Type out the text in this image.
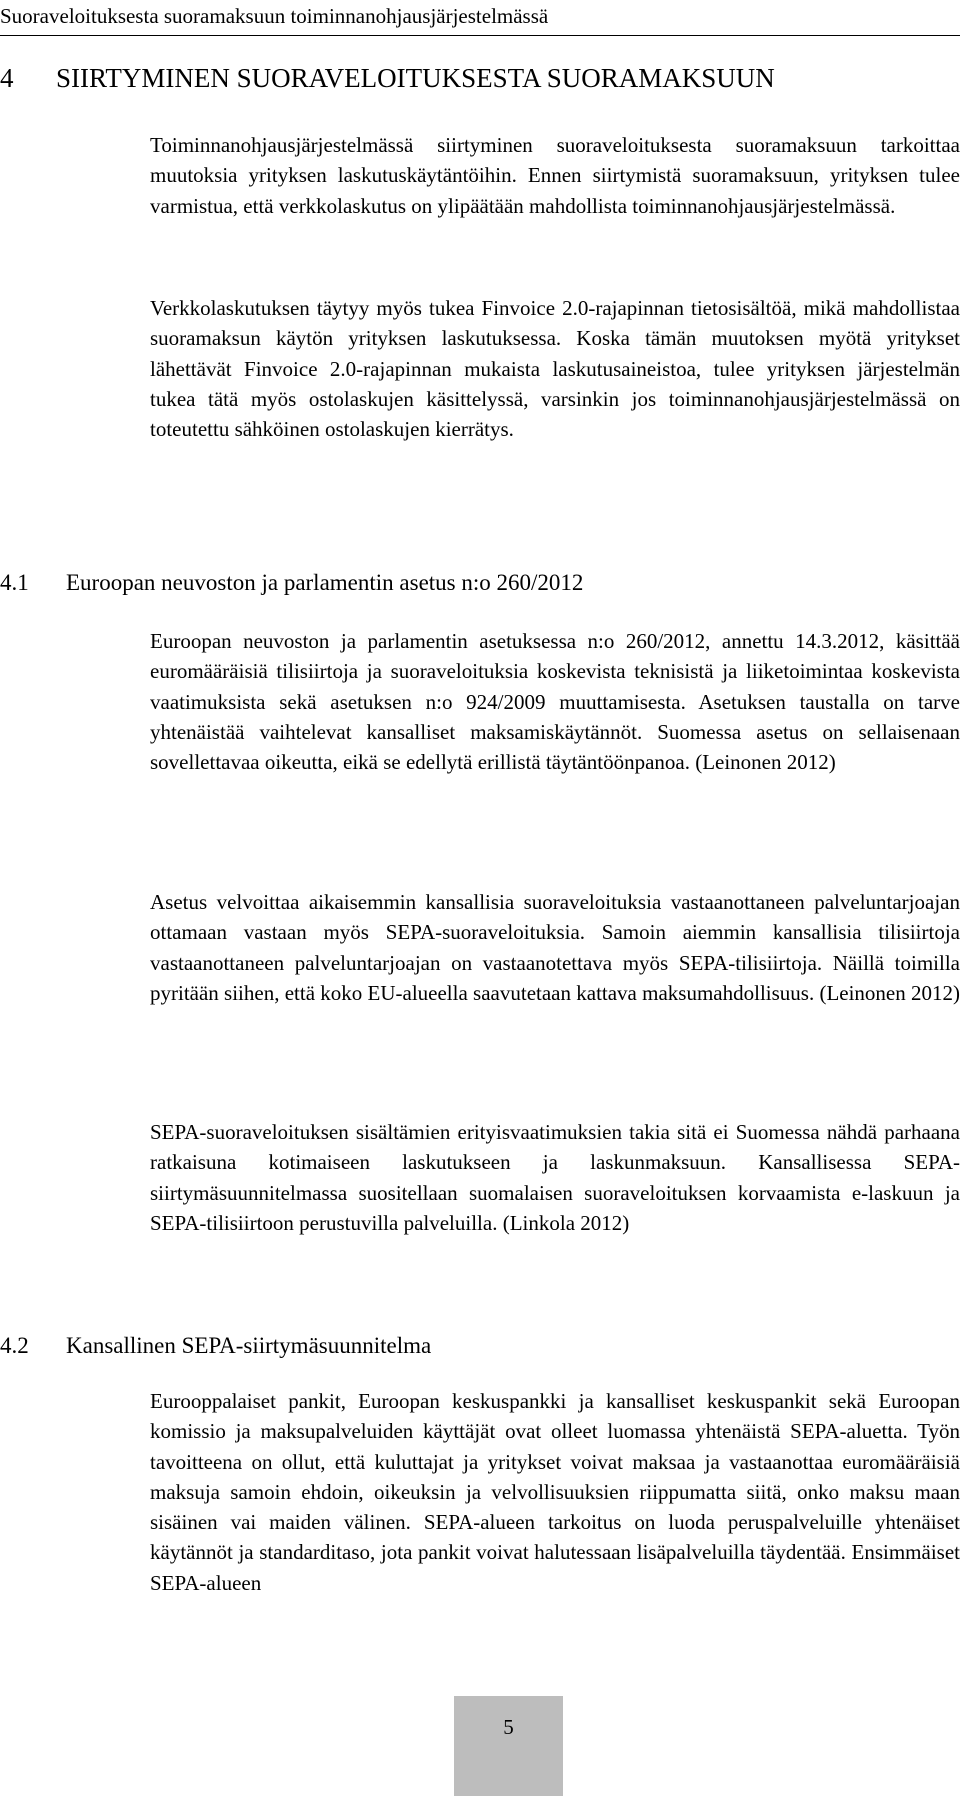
Suoraveloituksesta suoramaksuun toiminnanohjausjärjestelmässä
4 SIIRTYMINEN SUORAVELOITUKSESTA SUORAMAKSUUN

Toiminnanohjausjärjestelmässä siirtyminen suoraveloituksesta suoramaksuun tarkoittaa muutoksia yrityksen laskutuskäytäntöihin. Ennen siirtymistä suoramaksuun, yrityksen tulee varmistua, että verkkolaskutus on ylipäätään mahdollista toiminnanohjausjärjestelmässä.

Verkkolaskutuksen täytyy myös tukea Finvoice 2.0-rajapinnan tietosisältöä, mikä mahdollistaa suoramaksun käytön yrityksen laskutuksessa. Koska tämän muutoksen myötä yritykset lähettävät Finvoice 2.0-rajapinnan mukaista laskutusaineistoa, tulee yrityksen järjestelmän tukea tätä myös ostolaskujen käsittelyssä, varsinkin jos toiminnanohjausjärjestelmässä on toteutettu sähköinen ostolaskujen kierrätys.

4.1 Euroopan neuvoston ja parlamentin asetus n:o 260/2012

Euroopan neuvoston ja parlamentin asetuksessa n:o 260/2012, annettu 14.3.2012, käsittää euromääräisiä tilisiirtoja ja suoraveloituksia koskevista teknisistä ja liiketoimintaa koskevista vaatimuksista sekä asetuksen n:o 924/2009 muuttamisesta. Asetuksen taustalla on tarve yhtenäistää vaihtelevat kansalliset maksamiskäytännöt. Suomessa asetus on sellaisenaan sovellettavaa oikeutta, eikä se edellytä erillistä täytäntöönpanoa. (Leinonen 2012)

Asetus velvoittaa aikaisemmin kansallisia suoraveloituksia vastaanottaneen palveluntarjoajan ottamaan vastaan myös SEPA-suoraveloituksia. Samoin aiemmin kansallisia tilisiirtoja vastaanottaneen palveluntarjoajan on vastaanotettava myös SEPA-tilisiirtoja. Näillä toimilla pyritään siihen, että koko EU-alueella saavutetaan kattava maksumahdollisuus. (Leinonen 2012)

SEPA-suoraveloituksen sisältämien erityisvaatimuksien takia sitä ei Suomessa nähdä parhaana ratkaisuna kotimaiseen laskutukseen ja laskunmaksuun. Kansallisessa SEPA-siirtymäsuunnitelmassa suositellaan suomalaisen suoraveloituksen korvaamista e-laskuun ja SEPA-tilisiirtoon perustuvilla palveluilla. (Linkola 2012)

4.2 Kansallinen SEPA-siirtymäsuunnitelma

Eurooppalaiset pankit, Euroopan keskuspankki ja kansalliset keskuspankit sekä Euroopan komissio ja maksupalveluiden käyttäjät ovat olleet luomassa yhtenäistä SEPA-aluetta. Työn tavoitteena on ollut, että kuluttajat ja yritykset voivat maksaa ja vastaanottaa euromääräisiä maksuja samoin ehdoin, oikeuksin ja velvollisuuksien riippumatta siitä, onko maksu maan sisäinen vai maiden välinen. SEPA-alueen tarkoitus on luoda peruspalveluille yhtenäiset käytännöt ja standarditaso, jota pankit voivat halutessaan lisäpalveluilla täydentää. Ensimmäiset SEPA-alueen

5
